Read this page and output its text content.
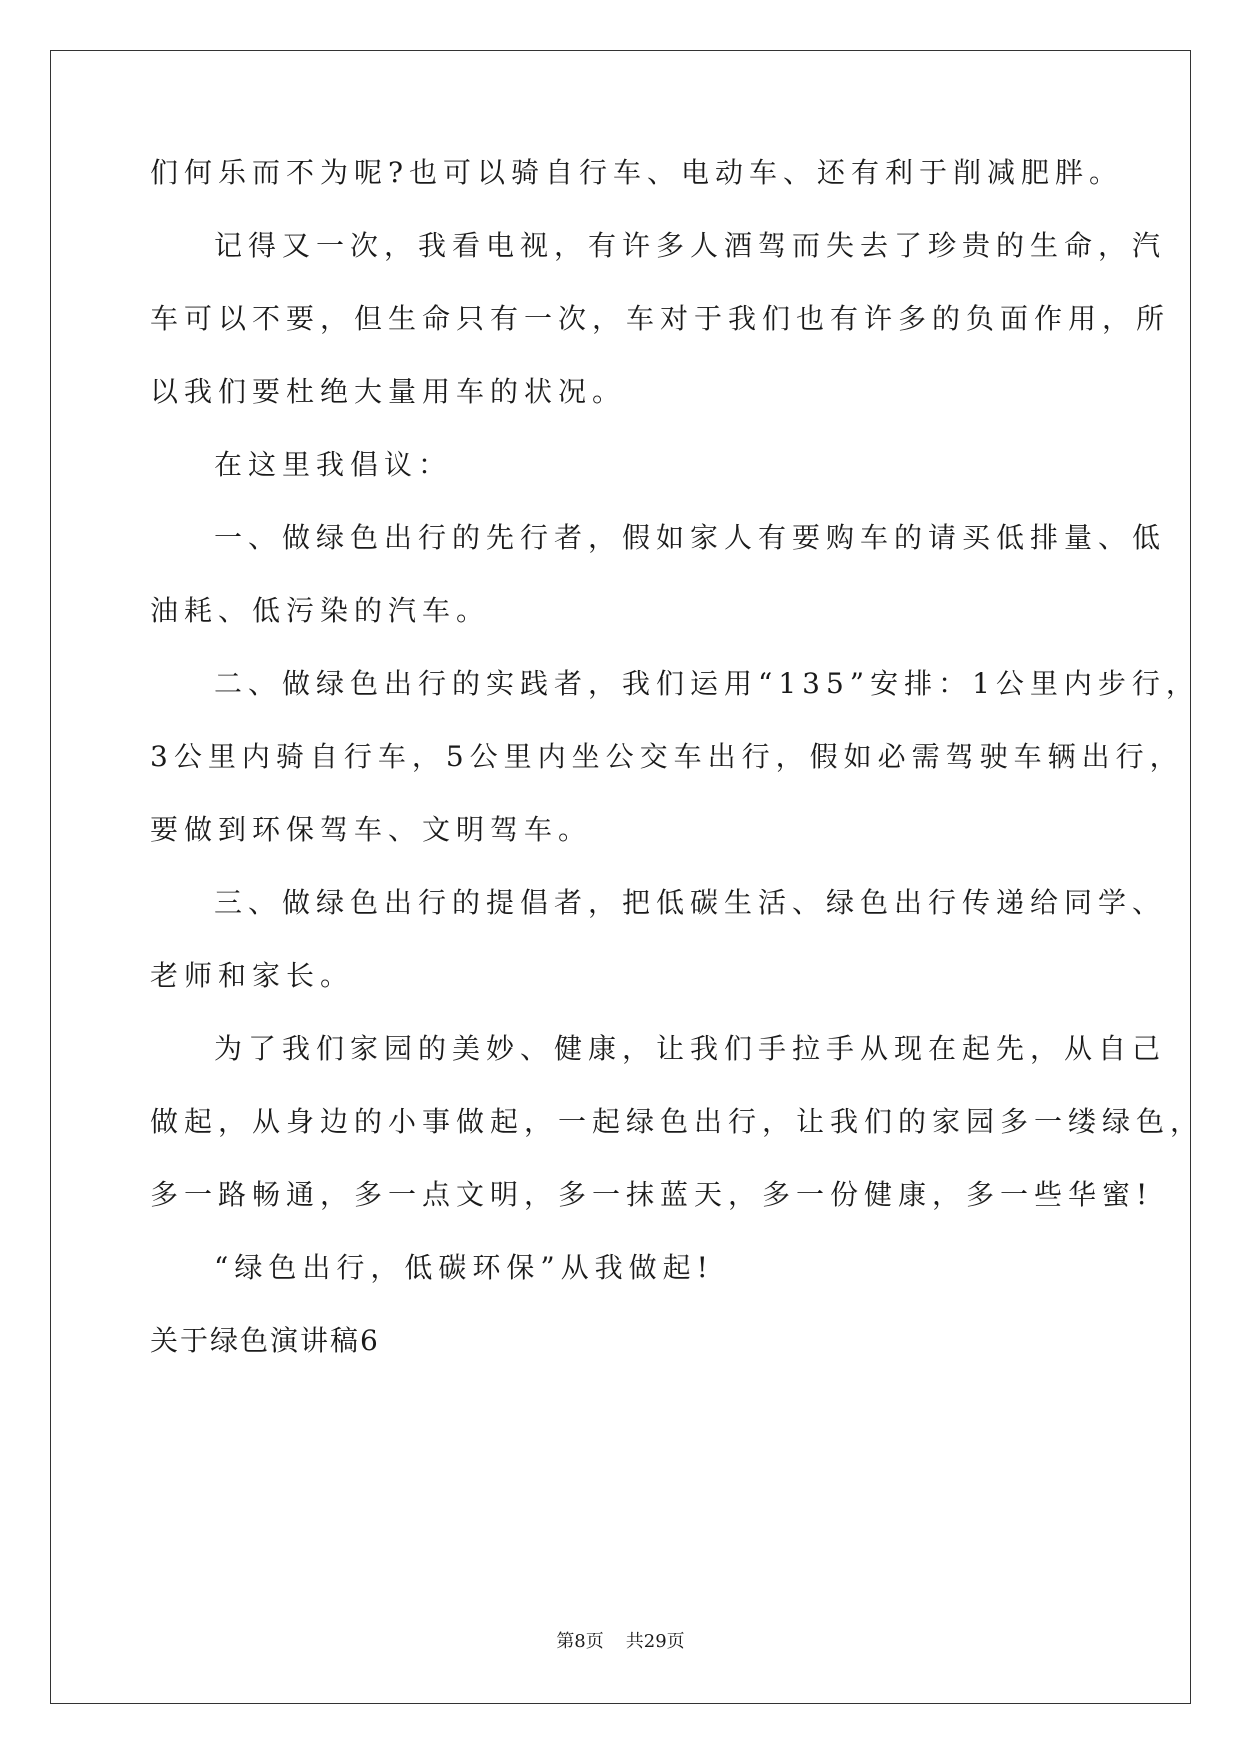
们何乐而不为呢?也可以骑自行车、电动车、还有利于削减肥胖。
记得又一次，我看电视，有许多人酒驾而失去了珍贵的生命，汽
车可以不要，但生命只有一次，车对于我们也有许多的负面作用，所
以我们要杜绝大量用车的状况。
在这里我倡议：
一、做绿色出行的先行者，假如家人有要购车的请买低排量、低
油耗、低污染的汽车。
二、做绿色出行的实践者，我们运用“135”安排：1公里内步行，
3公里内骑自行车，5公里内坐公交车出行，假如必需驾驶车辆出行，
要做到环保驾车、文明驾车。
三、做绿色出行的提倡者，把低碳生活、绿色出行传递给同学、
老师和家长。
为了我们家园的美妙、健康，让我们手拉手从现在起先，从自己
做起，从身边的小事做起，一起绿色出行，让我们的家园多一缕绿色，
多一路畅通，多一点文明，多一抹蓝天，多一份健康，多一些华蜜!
“绿色出行，低碳环保”从我做起!
关于绿色演讲稿6
第8页 共29页
